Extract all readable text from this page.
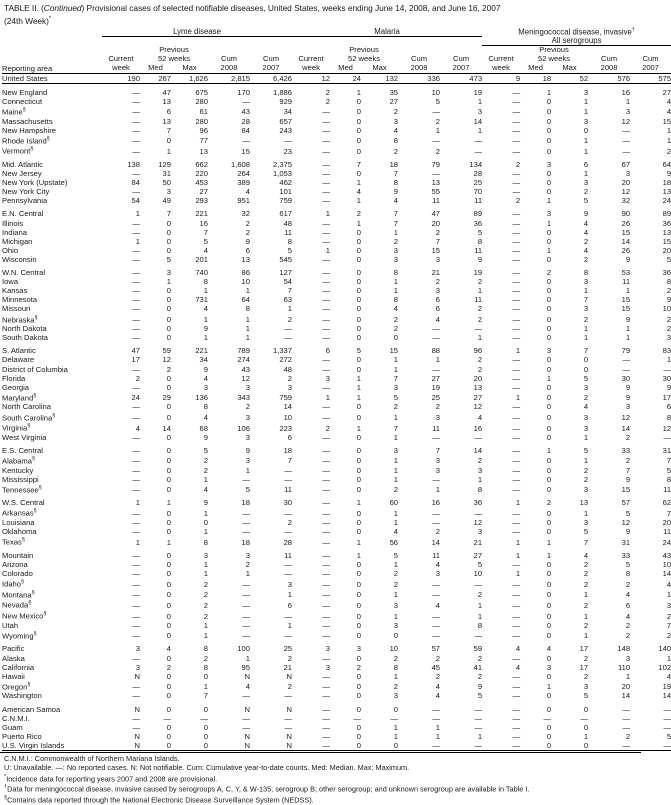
TABLE II. (Continued) Provisional cases of selected notifiable diseases, United States, weeks ending June 14, 2008, and June 16, 2007
(24th Week)*
	Lyme disease					Malaria					Meningococcal disease, invasive†
											All serogroups				
		Previous					Previous					Previous			
	Current	52 weeks		Cum	Cum	Current	52 weeks		Cum	Cum	Current	52 weeks		Cum	Cum
Reporting area	week	Med	Max	2008	2007	week	Med	Max	2008	2007	week	Med	Max	2008	2007
United States	190	267	1,626	2,815	6,426	12	24	132	336	473	9	18	52	576	575

New England	—	47	675	170	1,886	2	1	35	10	19	—	1	3	16	27
Connecticut	—	13	280	—	929	2	0	27	5	1	—	0	1	1	4
Maine§	—	6	61	43	34	—	0	2	—	3	—	0	1	3	4
Massachusetts	—	13	280	28	657	—	0	3	2	14	—	0	3	12	15
New Hampshire	—	7	96	84	243	—	0	4	1	1	—	0	0	—	1
Rhode Island§	—	0	77	—	—	—	0	8	—	—	—	0	1	—	1
Vermont§	—	1	13	15	23	—	0	2	2	—	—	0	1	—	2

Mid. Atlantic	138	129	662	1,608	2,375	—	7	18	79	134	2	3	6	67	64
New Jersey	—	31	220	264	1,053	—	0	7	—	28	—	0	1	3	9
New York (Upstate)	84	50	453	389	462	—	1	8	13	25	—	0	3	20	18
New York City	—	3	27	4	101	—	4	9	55	70	—	0	2	12	13
Pennsylvania	54	49	293	951	759	—	1	4	11	11	2	1	5	32	24

E.N. Central	1	7	221	32	617	1	2	7	47	89	—	3	9	90	89
Illinois	—	0	16	2	48	—	1	7	20	36	—	1	4	26	36
Indiana	—	0	7	2	11	—	0	1	2	5	—	0	4	15	13
Michigan	1	0	5	9	8	—	0	2	7	8	—	0	2	14	15
Ohio	—	0	4	6	5	1	0	3	15	11	—	1	4	26	20
Wisconsin	—	5	201	13	545	—	0	3	3	9	—	0	2	9	5

W.N. Central	—	3	740	86	127	—	0	8	21	19	—	2	8	53	36
Iowa	—	1	8	10	54	—	0	1	2	2	—	0	3	11	8
Kansas	—	0	1	1	7	—	0	1	3	1	—	0	1	1	2
Minnesota	—	0	731	64	63	—	0	8	6	11	—	0	7	15	9
Missouri	—	0	4	8	1	—	0	4	6	2	—	0	3	15	10
Nebraska§	—	0	1	1	2	—	0	2	4	2	—	0	2	9	2
North Dakota	—	0	9	1	—	—	0	2	—	—	—	0	1	1	2
South Dakota	—	0	1	1	—	—	0	0	—	1	—	0	1	1	3

S. Atlantic	47	59	221	789	1,337	6	5	15	88	96	1	3	7	79	83
Delaware	17	12	34	274	272	—	0	1	1	2	—	0	0	—	1
District of Columbia	—	2	9	43	48	—	0	1	—	2	—	0	0	—	—
Florida	2	0	4	12	2	3	1	7	27	20	—	1	5	30	30
Georgia	—	0	3	3	3	—	1	3	19	13	—	0	3	9	9
Maryland§	24	29	136	343	759	1	1	5	25	27	1	0	2	9	17
North Carolina	—	0	8	2	14	—	0	2	2	12	—	0	4	3	6
South Carolina§	—	0	4	3	10	—	0	1	3	4	—	0	3	12	8
Virginia§	4	14	68	106	223	2	1	7	11	16	—	0	3	14	12
West Virginia	—	0	9	3	6	—	0	1	—	—	—	0	1	2	—

E.S. Central	—	0	5	9	18	—	0	3	7	14	—	1	5	33	31
Alabama§	—	0	2	3	7	—	0	1	3	2	—	0	1	2	7
Kentucky	—	0	2	1	—	—	0	1	3	3	—	0	2	7	5
Mississippi	—	0	1	—	—	—	0	1	—	1	—	0	2	9	8
Tennessee§	—	0	4	5	11	—	0	2	1	8	—	0	3	15	11

W.S. Central	1	1	9	18	30	—	1	60	16	36	1	2	13	57	62
Arkansas§	—	0	1	—	—	—	0	1	—	—	—	0	1	5	7
Louisiana	—	0	0	—	2	—	0	1	—	12	—	0	3	12	20
Oklahoma	—	0	1	—	—	—	0	4	2	3	—	0	5	9	11
Texas§	1	1	8	18	28	—	1	56	14	21	1	1	7	31	24

Mountain	—	0	3	3	11	—	1	5	11	27	1	1	4	33	43
Arizona	—	0	1	2	—	—	0	1	4	5	—	0	2	5	10
Colorado	—	0	1	1	—	—	0	2	3	10	1	0	2	8	14
Idaho§	—	0	2	—	3	—	0	2	—	—	—	0	2	2	4
Montana§	—	0	2	—	1	—	0	1	—	2	—	0	1	4	1
Nevada§	—	0	2	—	6	—	0	3	4	1	—	0	2	6	3
New Mexico§	—	0	2	—	—	—	0	1	—	1	—	0	1	4	2
Utah	—	0	1	—	1	—	0	3	—	8	—	0	2	2	7
Wyoming§	—	0	1	—	—	—	0	0	—	—	—	0	1	2	2

Pacific	3	4	8	100	25	3	3	10	57	59	4	4	17	148	140
Alaska	—	0	2	1	2	—	0	2	2	2	—	0	2	3	1
California	3	2	8	95	21	3	2	8	45	41	4	3	17	110	102
Hawaii	N	0	0	N	N	—	0	1	2	2	—	0	2	1	4
Oregon§	—	0	1	4	2	—	0	2	4	9	—	1	3	20	19
Washington	—	0	7	—	—	—	0	3	4	5	—	0	5	14	14

American Samoa	N	0	0	N	N	—	0	0	—	—	—	0	0	—	—
C.N.M.I.	—	—	—	—	—	—	—	—	—	—	—	—	—	—	—
Guam	—	0	0	—	—	—	0	1	1	—	—	0	0	—	—
Puerto Rico	N	0	0	N	N	—	0	1	1	1	—	0	1	2	5
U.S. Virgin Islands	N	0	0	N	N	—	0	0	—	—	—	0	0	—	—
C.N.M.I.: Commonwealth of Northern Mariana Islands.
U: Unavailable. —: No reported cases. N: Not notifiable. Cum: Cumulative year-to-date counts. Med: Median. Max: Maximum.
*Incidence data for reporting years 2007 and 2008 are provisional.
†Data for meningococcal disease, invasive caused by serogroups A, C, Y, & W-135; serogroup B; other serogroup; and unknown serogroup are available in Table I.
§Contains data reported through the National Electronic Disease Surveillance System (NEDSS).
